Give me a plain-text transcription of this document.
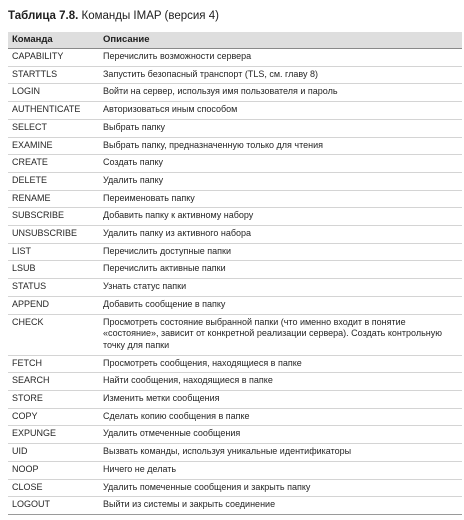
Таблица 7.8. Команды IMAP (версия 4)
Команда	Описание
CAPABILITY	Перечислить возможности сервера
STARTTLS	Запустить безопасный транспорт (TLS, см. главу 8)
LOGIN	Войти на сервер, используя имя пользователя и пароль
AUTHENTICATE	Авторизоваться иным способом
SELECT	Выбрать папку
EXAMINE	Выбрать папку, предназначенную только для чтения
CREATE	Создать папку
DELETE	Удалить папку
RENAME	Переименовать папку
SUBSCRIBE	Добавить папку к активному набору
UNSUBSCRIBE	Удалить папку из активного набора
LIST	Перечислить доступные папки
LSUB	Перечислить активные папки
STATUS	Узнать статус папки
APPEND	Добавить сообщение в папку
CHECK	Просмотреть состояние выбранной папки (что именно входит в понятие «состояние», зависит от конкретной реализации сервера). Создать контрольную точку для папки
FETCH	Просмотреть сообщения, находящиеся в папке
SEARCH	Найти сообщения, находящиеся в папке
STORE	Изменить метки сообщения
COPY	Сделать копию сообщения в папке
EXPUNGE	Удалить отмеченные сообщения
UID	Вызвать команды, используя уникальные идентификаторы
NOOP	Ничего не делать
CLOSE	Удалить помеченные сообщения и закрыть папку
LOGOUT	Выйти из системы и закрыть соединение
